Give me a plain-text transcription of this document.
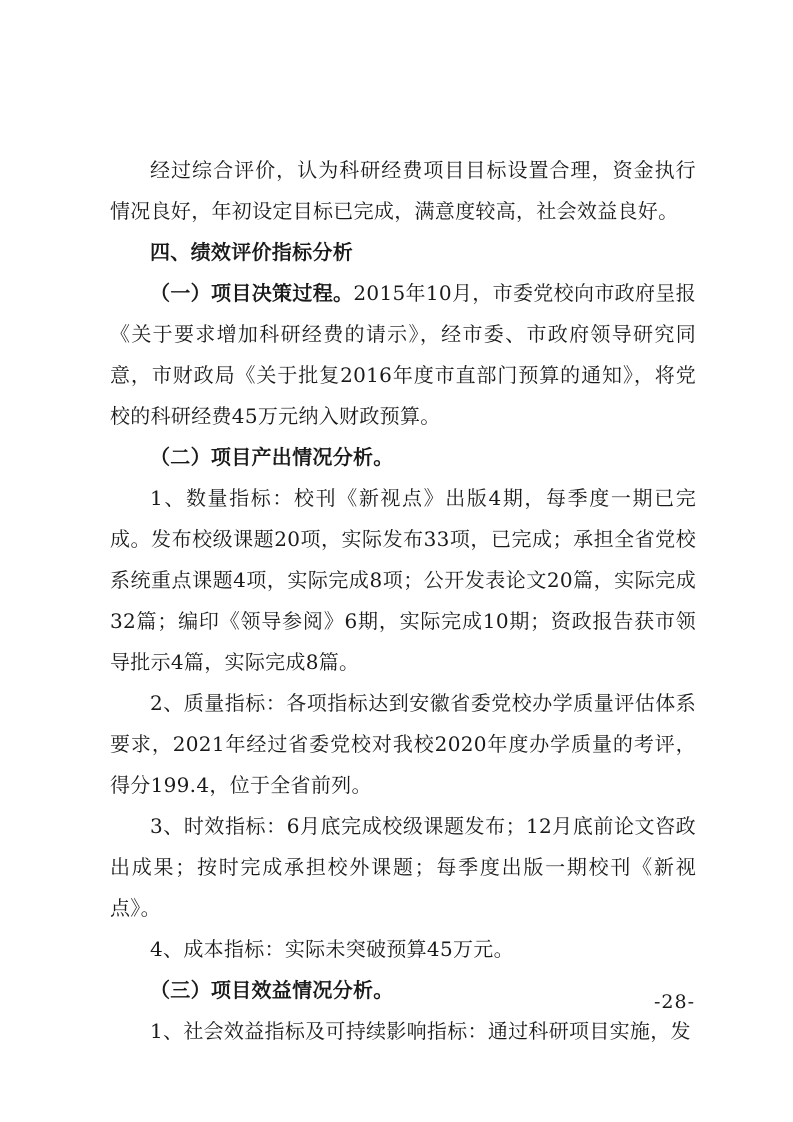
经过综合评价，认为科研经费项目目标设置合理，资金执行情况良好，年初设定目标已完成，满意度较高，社会效益良好。

四、绩效评价指标分析

（一）项目决策过程。2015年10月，市委党校向市政府呈报《关于要求增加科研经费的请示》，经市委、市政府领导研究同意，市财政局《关于批复2016年度市直部门预算的通知》，将党校的科研经费45万元纳入财政预算。

（二）项目产出情况分析。

1、数量指标：校刊《新视点》出版4期，每季度一期已完成。发布校级课题20项，实际发布33项，已完成；承担全省党校系统重点课题4项，实际完成8项；公开发表论文20篇，实际完成32篇；编印《领导参阅》6期，实际完成10期；资政报告获市领导批示4篇，实际完成8篇。

2、质量指标：各项指标达到安徽省委党校办学质量评估体系要求，2021年经过省委党校对我校2020年度办学质量的考评，得分199.4，位于全省前列。

3、时效指标：6月底完成校级课题发布；12月底前论文咨政出成果；按时完成承担校外课题；每季度出版一期校刊《新视点》。

4、成本指标：实际未突破预算45万元。

（三）项目效益情况分析。

1、社会效益指标及可持续影响指标：通过科研项目实施，发

-28-
